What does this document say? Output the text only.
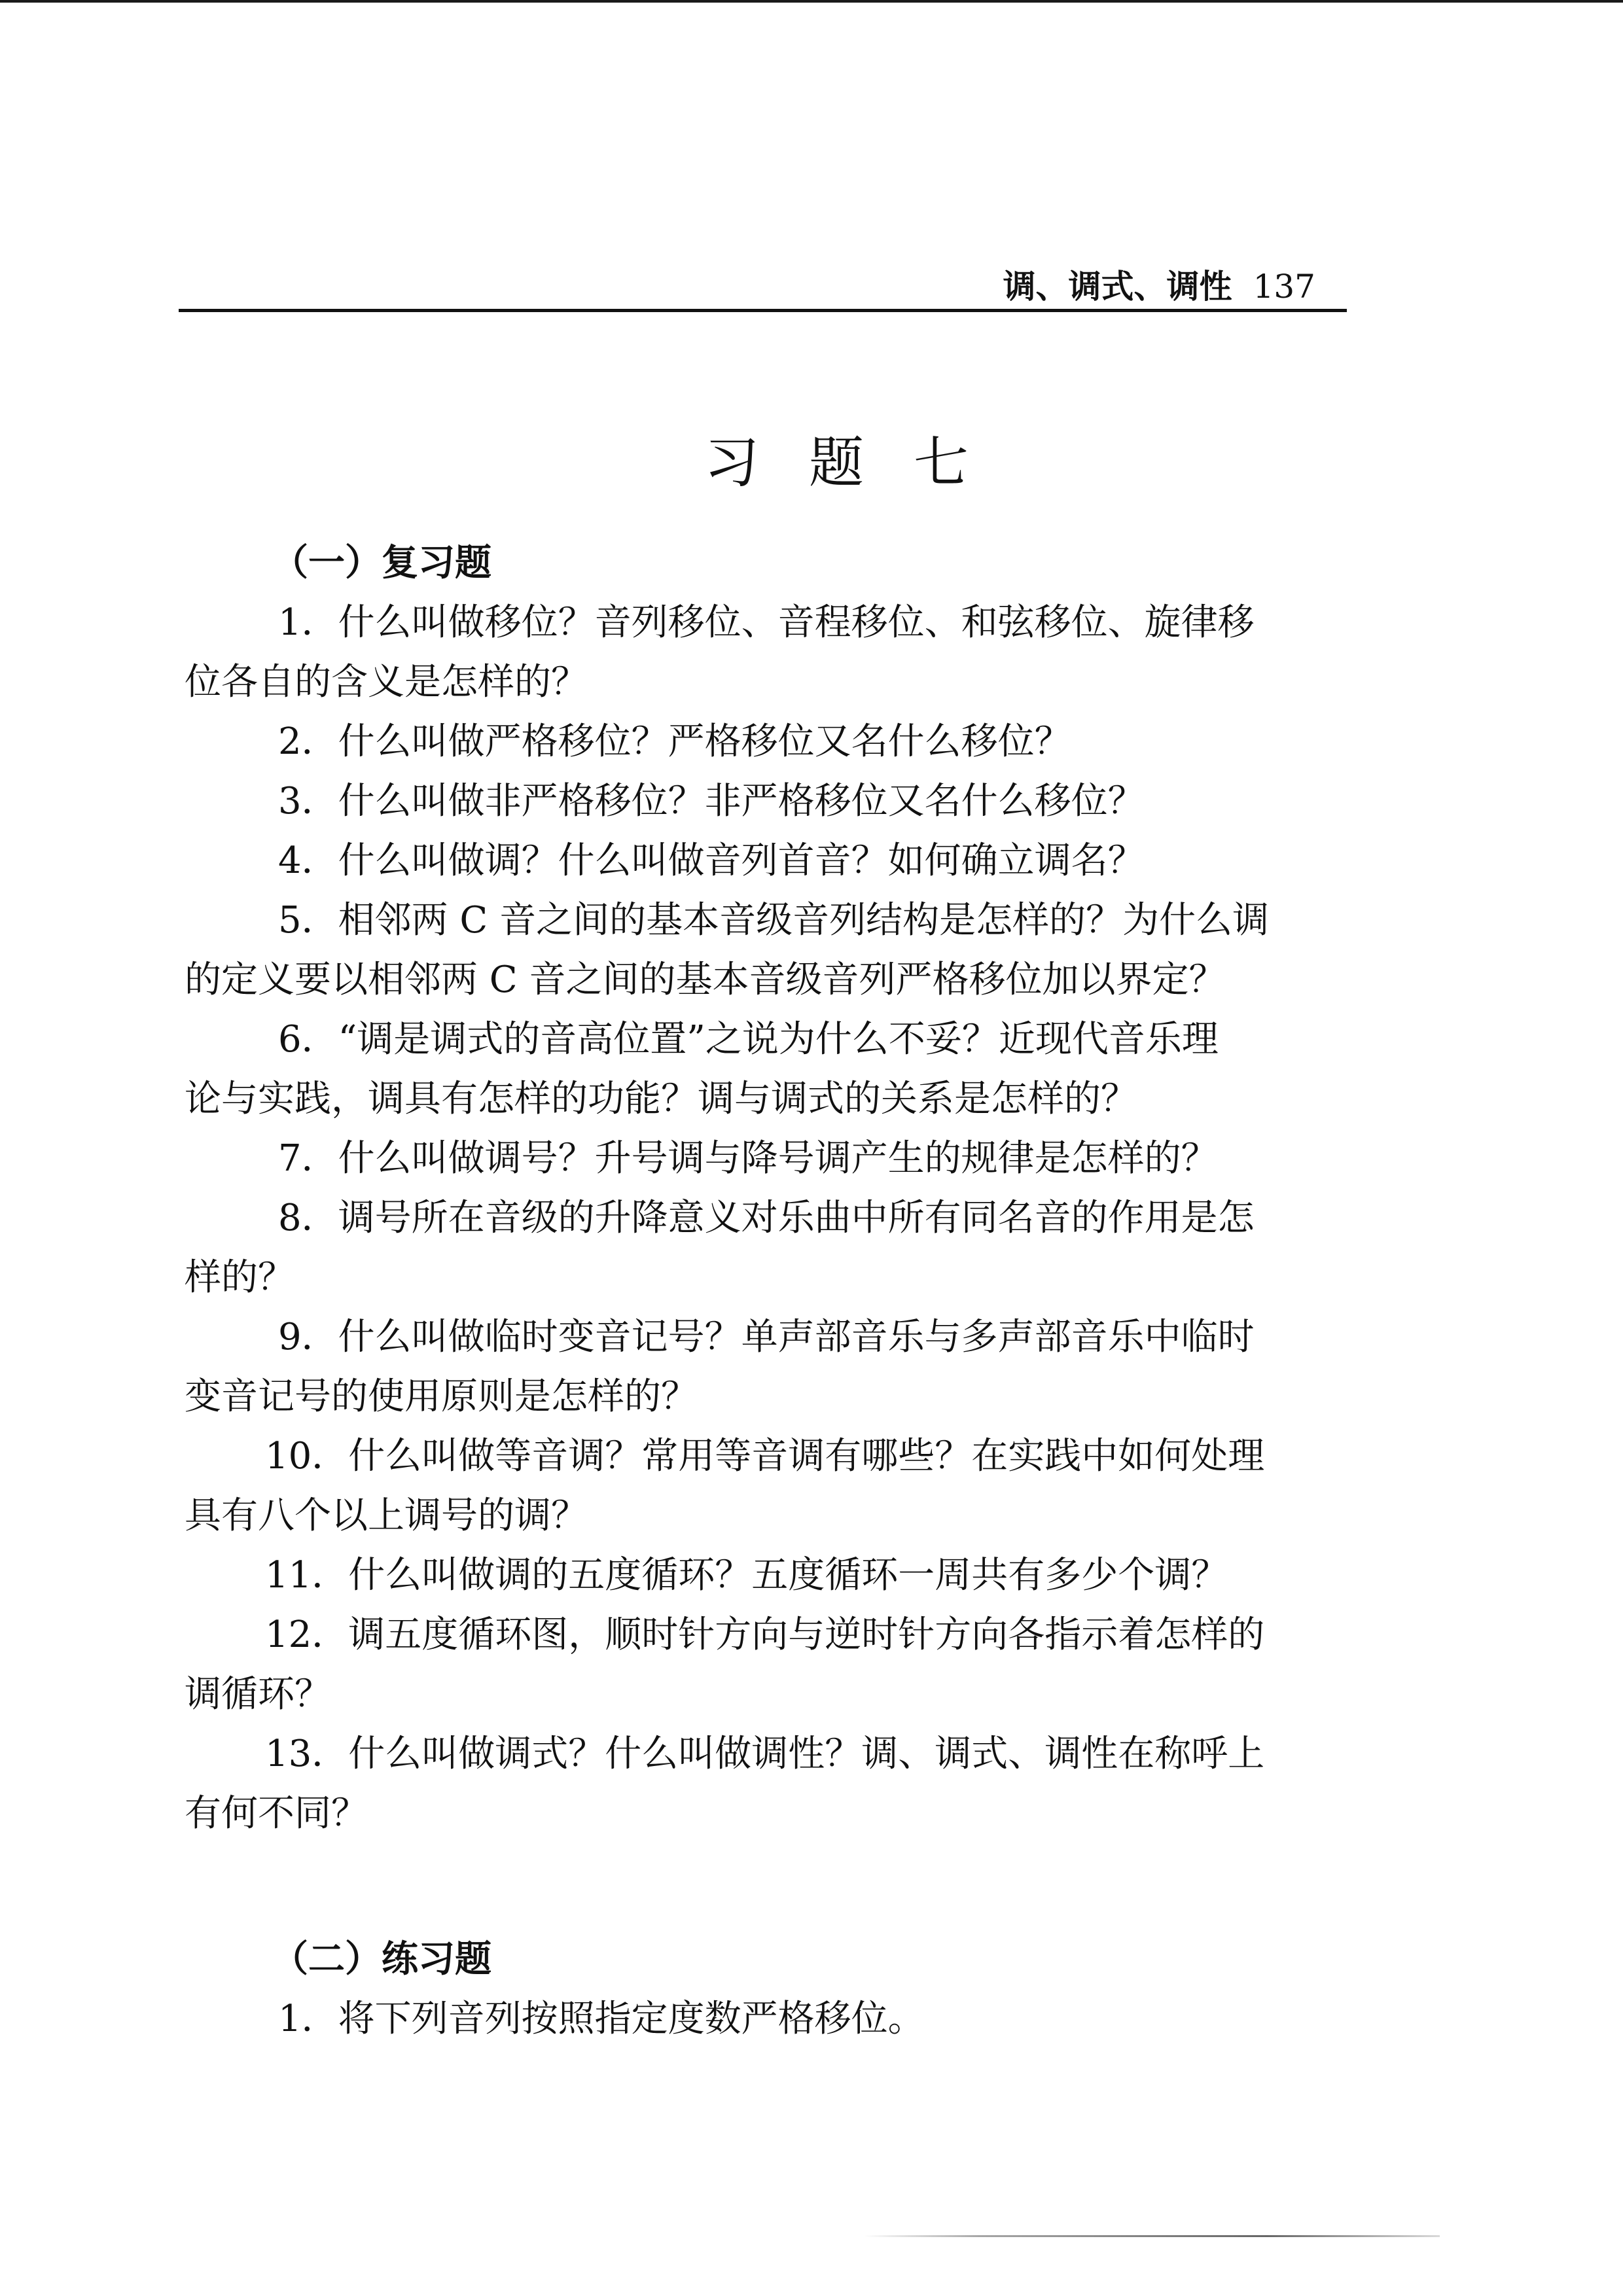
调、调式、调性 137
习题七
（一）复习题
1．什么叫做移位？音列移位、音程移位、和弦移位、旋律移
位各自的含义是怎样的？
2．什么叫做严格移位？严格移位又名什么移位？
3．什么叫做非严格移位？非严格移位又名什么移位？
4．什么叫做调？什么叫做音列首音？如何确立调名？
5．相邻两 C 音之间的基本音级音列结构是怎样的？为什么调
的定义要以相邻两 C 音之间的基本音级音列严格移位加以界定？
6．“调是调式的音高位置”之说为什么不妥？近现代音乐理
论与实践，调具有怎样的功能？调与调式的关系是怎样的？
7．什么叫做调号？升号调与降号调产生的规律是怎样的？
8．调号所在音级的升降意义对乐曲中所有同名音的作用是怎
样的？
9．什么叫做临时变音记号？单声部音乐与多声部音乐中临时
变音记号的使用原则是怎样的？
10．什么叫做等音调？常用等音调有哪些？在实践中如何处理
具有八个以上调号的调？
11．什么叫做调的五度循环？五度循环一周共有多少个调？
12．调五度循环图，顺时针方向与逆时针方向各指示着怎样的
调循环？
13．什么叫做调式？什么叫做调性？调、调式、调性在称呼上
有何不同？
（二）练习题
1．将下列音列按照指定度数严格移位。
